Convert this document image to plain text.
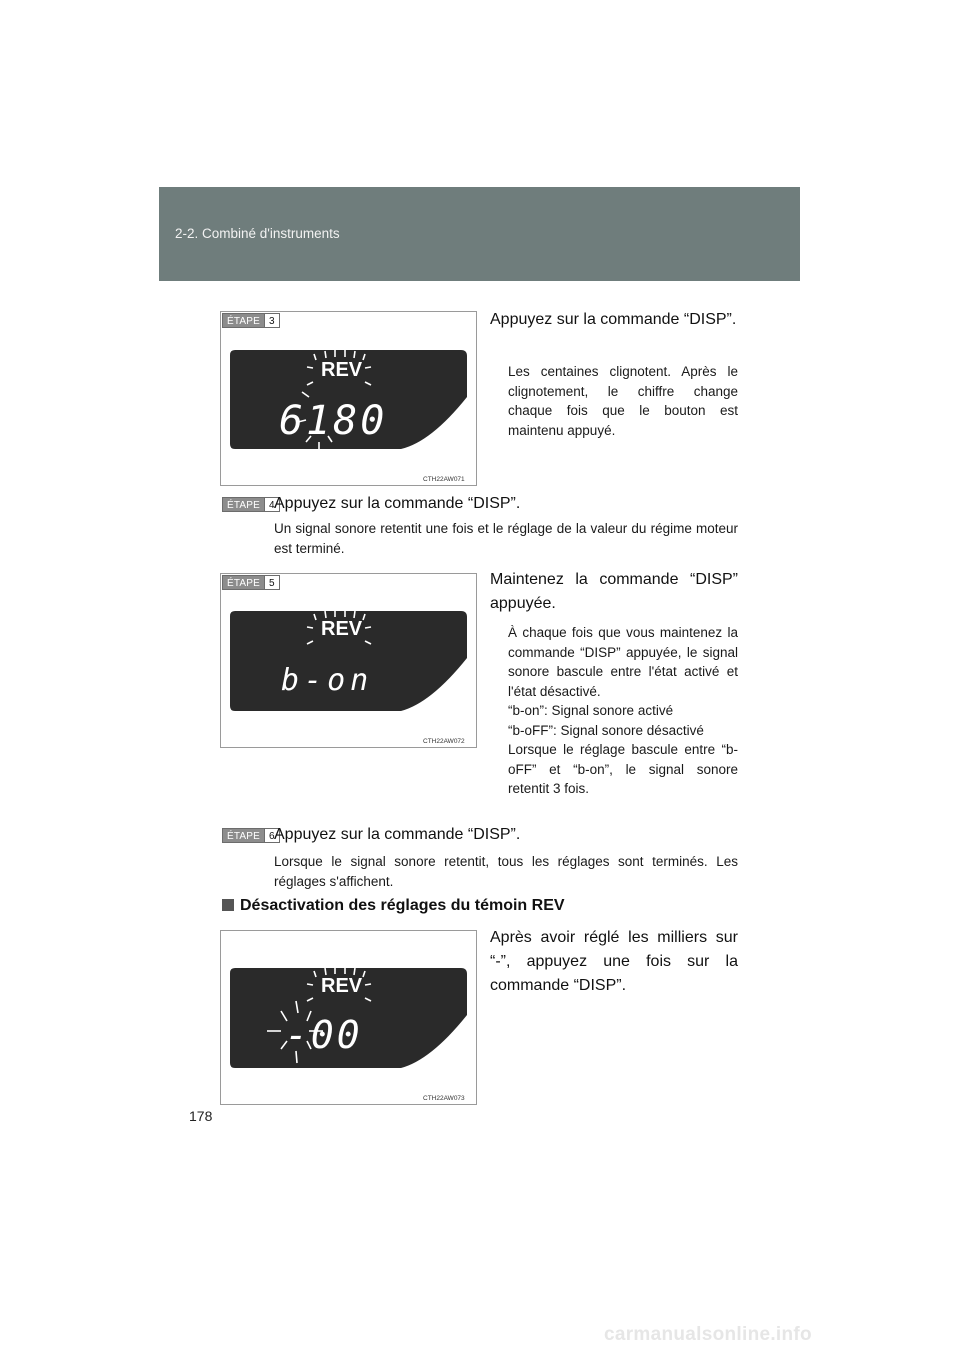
2-2. Combiné d'instruments
REV
6180
ÉTAPE 3
CTH22AW071
Appuyez sur la commande “DISP”.
Les centaines clignotent. Après le clignotement, le chiffre change chaque fois que le bouton est maintenu appuyé.
ÉTAPE 4 Appuyez sur la commande “DISP”.
Un signal sonore retentit une fois et le réglage de la valeur du régime moteur est terminé.
REV
b-on
ÉTAPE 5
CTH22AW072
Maintenez la commande “DISP” appuyée.
À chaque fois que vous maintenez la commande “DISP” appuyée, le signal sonore bascule entre l'état activé et l'état désactivé.
“b-on”: Signal sonore activé
“b-oFF”: Signal sonore désactivé
Lorsque le réglage bascule entre “b-oFF” et “b-on”, le signal sonore retentit 3 fois.
ÉTAPE 6 Appuyez sur la commande “DISP”.
Lorsque le signal sonore retentit, tous les réglages sont terminés. Les réglages s'affichent.
Désactivation des réglages du témoin REV
REV
-00
CTH22AW073
Après avoir réglé les milliers sur “-”, appuyez une fois sur la commande “DISP”.
178
carmanualsonline.info
